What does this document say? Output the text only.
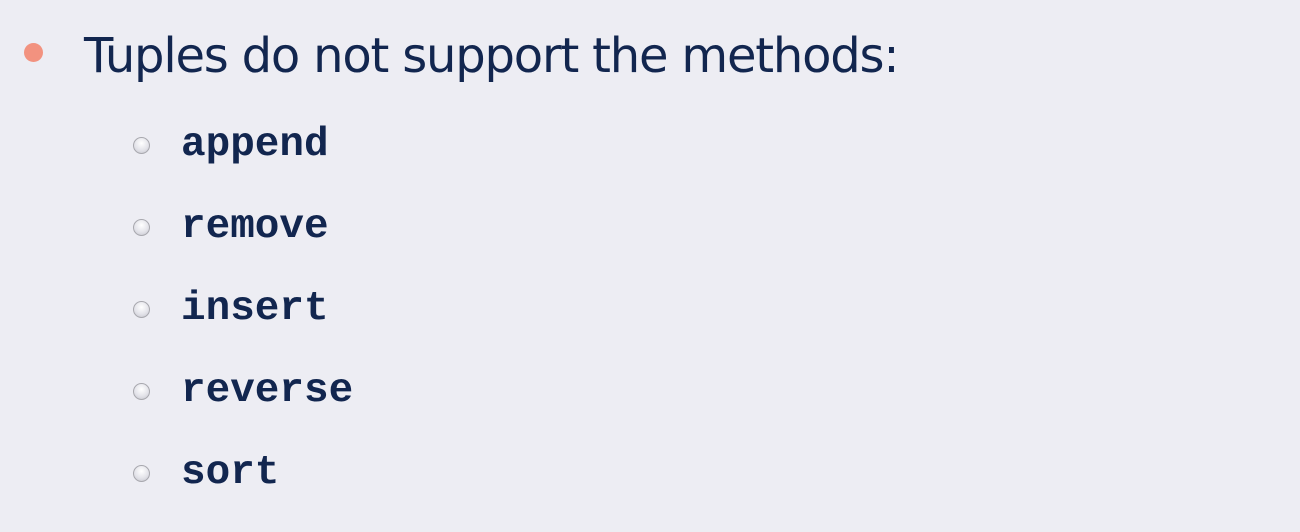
Tuples do not support the methods:
append
remove
insert
reverse
sort
